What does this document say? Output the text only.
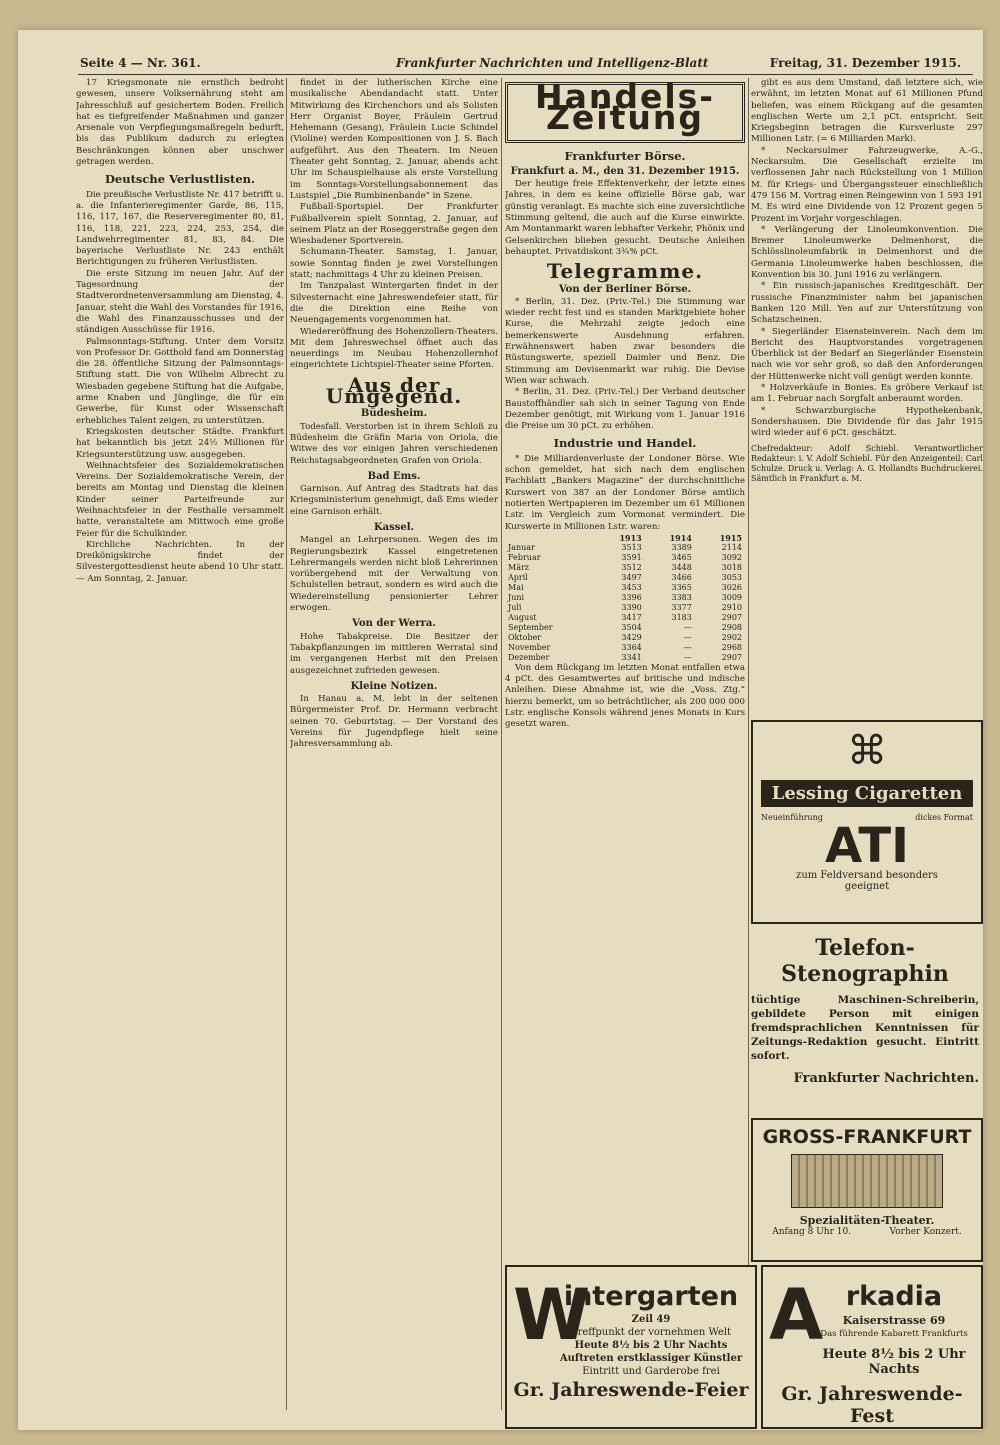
Seite 4 — Nr. 361.	Frankfurter Nachrichten und Intelligenz-Blatt	Freitag, 31. Dezember 1915.

17 Kriegsmonate nie ernstlich bedroht gewesen, unsere Volksernährung steht am Jahresschluß auf gesichertem Boden. Freilich hat es tiefgreifender Maßnahmen und ganzer Arsenale von Verpflegungsmaßregeln bedurft, bis das Publikum dadurch zu erlegten Beschränkungen können aber unschwer getragen werden.

Deutsche Verlustlisten.

Die preußische Verlustliste Nr. 417 betrifft u. a. die Infanterieregimenter Garde, 86, 115, 116, 117, 167, die Reserveregimenter 80, 81, 116, 118, 221, 223, 224, 253, 254, die Landwehrregimenter 81, 83, 84. Die bayerische Verlustliste Nr. 243 enthält Berichtigungen zu früheren Verlustlisten.

Die erste Sitzung im neuen Jahr. Auf der Tagesordnung der Stadtverordnetenversammlung am Dienstag, 4. Januar, steht die Wahl des Vorstandes für 1916, die Wahl des Finanzausschusses und der ständigen Ausschüsse für 1916.

Palmsonntags-Stiftung. Unter dem Vorsitz von Professor Dr. Gotthold fand am Donnerstag die 28. öffentliche Sitzung der Palmsonntags-Stiftung statt. Die von Wilhelm Albrecht zu Wiesbaden gegebene Stiftung hat die Aufgabe, arme Knaben und Jünglinge, die für ein Gewerbe, für Kunst oder Wissenschaft erhebliches Talent zeigen, zu unterstützen.

Kriegskosten deutscher Städte. Frankfurt hat bekanntlich bis jetzt 24½ Millionen für Kriegsunterstützung usw. ausgegeben.

Weihnachtsfeier des Sozialdemokratischen Vereins. Der Sozialdemokratische Verein, der bereits am Montag und Dienstag die kleinen Kinder seiner Parteifreunde zur Weihnachtsfeier in der Festhalle versammelt hatte, veranstaltete am Mittwoch eine große Feier für die Schulkinder.

Kirchliche Nachrichten. In der Dreikönigskirche findet der Silvestergottesdienst heute abend 10 Uhr statt. — Am Sonntag, 2. Januar.

findet in der lutherischen Kirche eine musikalische Abendandacht statt. Unter Mitwirkung des Kirchenchors und als Solisten Herr Organist Boyer, Fräulein Gertrud Hehemann (Gesang), Fräulein Lucie Schindel (Violine) werden Kompositionen von J. S. Bach aufgeführt. Aus den Theatern. Im Neuen Theater geht Sonntag, 2. Januar, abends acht Uhr im Schauspielhause als erste Vorstellung im Sonntags-Vorstellungsabonnement das Lustspiel „Die Rumbinenbande“ in Szene.

Fußball-Sportspiel. Der Frankfurter Fußballverein spielt Sonntag, 2. Januar, auf seinem Platz an der Roseggerstraße gegen den Wiesbadener Sportverein.

Schumann-Theater. Samstag, 1. Januar, sowie Sonntag finden je zwei Vorstellungen statt; nachmittags 4 Uhr zu kleinen Preisen.

Im Tanzpalast Wintergarten findet in der Silvesternacht eine Jahreswendefeier statt, für die die Direktion eine Reihe von Neuengagements vorgenommen hat.

Wiedereröffnung des Hohenzollern-Theaters. Mit dem Jahreswechsel öffnet auch das neuerdings im Neubau Hohenzollernhof eingerichtete Lichtspiel-Theater seine Pforten.

Aus der Umgegend.
Büdesheim.

Todesfall. Verstorben ist in ihrem Schloß zu Büdesheim die Gräfin Maria von Oriola, die Witwe des vor einigen Jahren verschiedenen Reichstagsabgeordneten Grafen von Oriola.

Bad Ems.

Garnison. Auf Antrag des Stadtrats hat das Kriegsministerium genehmigt, daß Ems wieder eine Garnison erhält.

Kassel.

Mangel an Lehrpersonen. Wegen des im Regierungsbezirk Kassel eingetretenen Lehrermangels werden nicht bloß Lehrerinnen vorübergehend mit der Verwaltung von Schulstellen betraut, sondern es wird auch die Wiedereinstellung pensionierter Lehrer erwogen.

Von der Werra.

Hohe Tabakpreise. Die Besitzer der Tabakpflanzungen im mittleren Werratal sind im vergangenen Herbst mit den Preisen ausgezeichnet zufrieden gewesen.

Kleine Notizen.

In Hanau a. M. lebt in der seltenen Bürgermeister Prof. Dr. Hermann verbracht seinen 70. Geburtstag. — Der Vorstand des Vereins für Jugendpflege hielt seine Jahresversammlung ab.

Handels-Zeitung
Frankfurter Börse.
Frankfurt a. M., den 31. Dezember 1915.

Der heutige freie Effektenverkehr, der letzte eines Jahres, in dem es keine offizielle Börse gab, war günstig veranlagt. Es machte sich eine zuversichtliche Stimmung geltend, die auch auf die Kurse einwirkte. Am Montanmarkt waren lebhafter Verkehr, Phönix und Gelsenkirchen blieben gesucht. Deutsche Anleihen behauptet. Privatdiskont 3¾% pCt.

Telegramme.
Von der Berliner Börse.

* Berlin, 31. Dez. (Priv.-Tel.) Die Stimmung war wieder recht fest und es standen Marktgebiete hoher Kurse, die Mehrzahl zeigte jedoch eine bemerkenswerte Ausdehnung erfahren. Erwähnenswert haben zwar besonders die Rüstungswerte, speziell Daimler und Benz. Die Stimmung am Devisenmarkt war ruhig. Die Devise Wien war schwach.

* Berlin, 31. Dez. (Priv.-Tel.) Der Verband deutscher Baustoffhändler sah sich in seiner Tagung von Ende Dezember genötigt, mit Wirkung vom 1. Januar 1916 die Preise um 30 pCt. zu erhöhen.

Industrie und Handel.

* Die Milliardenverluste der Londoner Börse. Wie schon gemeldet, hat sich nach dem englischen Fachblatt „Bankers Magazine“ der durchschnittliche Kurswert von 387 an der Londoner Börse amtlich notierten Wertpapieren im Dezember um 61 Millionen Lstr. im Vergleich zum Vormonat vermindert. Die Kurswerte in Millionen Lstr. waren:

	1913	1914	1915
Januar	3513	3389	2114
Februar	3591	3465	3092
März	3512	3448	3018
April	3497	3466	3053
Mai	3453	3365	3026
Juni	3396	3383	3009
Juli	3390	3377	2910
August	3417	3183	2907
September	3504	—	2908
Oktober	3429	—	2902
November	3364	—	2968
Dezember	3341	—	2907

Von dem Rückgang im letzten Monat entfallen etwa 4 pCt. des Gesamtwertes auf britische und indische Anleihen. Diese Abnahme ist, wie die „Voss. Ztg.“ hierzu bemerkt, um so beträchtlicher, als 200 000 000 Lstr. englische Konsols während jenes Monats in Kurs gesetzt waren.

gibt es aus dem Umstand, daß letztere sich, wie erwähnt, im letzten Monat auf 61 Millionen Pfund beliefen, was einem Rückgang auf die gesamten englischen Werte um 2,1 pCt. entspricht. Seit Kriegsbeginn betragen die Kursverluste 297 Millionen Lstr. (= 6 Milliarden Mark).

* Neckarsulmer Fahrzeugwerke, A.-G., Neckarsulm. Die Gesellschaft erzielte im verflossenen Jahr nach Rückstellung von 1 Million M. für Kriegs- und Übergangssteuer einschließlich 479 156 M. Vortrag einen Reingewinn von 1 593 191 M. Es wird eine Dividende von 12 Prozent gegen 5 Prozent im Vorjahr vorgeschlagen.

* Verlängerung der Linoleumkonvention. Die Bremer Linoleumwerke Delmenhorst, die Schlösslinoleumfabrik in Delmenhorst und die Germania Linoleumwerke haben beschlossen, die Konvention bis 30. Juni 1916 zu verlängern.

* Ein russisch-japanisches Kreditgeschäft. Der russische Finanzminister nahm bei japanischen Banken 120 Mill. Yen auf zur Unterstützung von Schatzscheinen.

* Siegerländer Eisensteinverein. Nach dem im Bericht des Hauptvorstandes vorgetragenen Überblick ist der Bedarf an Siegerländer Eisenstein nach wie vor sehr groß, so daß den Anforderungen der Hüttenwerke nicht voll genügt werden konnte.

* Holzverkäufe in Bonies. Es gröbere Verkauf ist am 1. Februar nach Sorgfalt anberaumt worden.

* Schwarzburgische Hypothekenbank, Sondershausen. Die Dividende für das Jahr 1915 wird wieder auf 6 pCt. geschätzt.

Chefredakteur: Adolf Schiebl. Verantwortlicher Redakteur: i. V. Adolf Schiebl. Für den Anzeigenteil: Carl Schulze. Druck u. Verlag: A. G. Hollandts Buchdruckerei. Sämtlich in Frankfurt a. M.

⌘
Lessing Cigaretten
Neueinführung	dickes Format
ATI
zum Feldversand besonders geeignet
Telefon-Stenographin
tüchtige Maschinen-Schreiberin, gebildete Person mit einigen fremdsprachlichen Kenntnissen für Zeitungs-Redaktion gesucht. Eintritt sofort.
Frankfurter Nachrichten.
GROSS-FRANKFURT
Spezialitäten-Theater.
Anfang 8 Uhr 10.	Vorher Konzert.
W
intergarten
Zeil 49
Treffpunkt der vornehmen Welt
Heute 8½ bis 2 Uhr Nachts
Auftreten erstklassiger Künstler
Eintritt und Garderobe frei
Gr. Jahreswende-Feier
A rkadia
Kaiserstrasse 69
Das führende Kabarett Frankfurts
Heute 8½ bis 2 Uhr Nachts
Gr. Jahreswende-Fest
